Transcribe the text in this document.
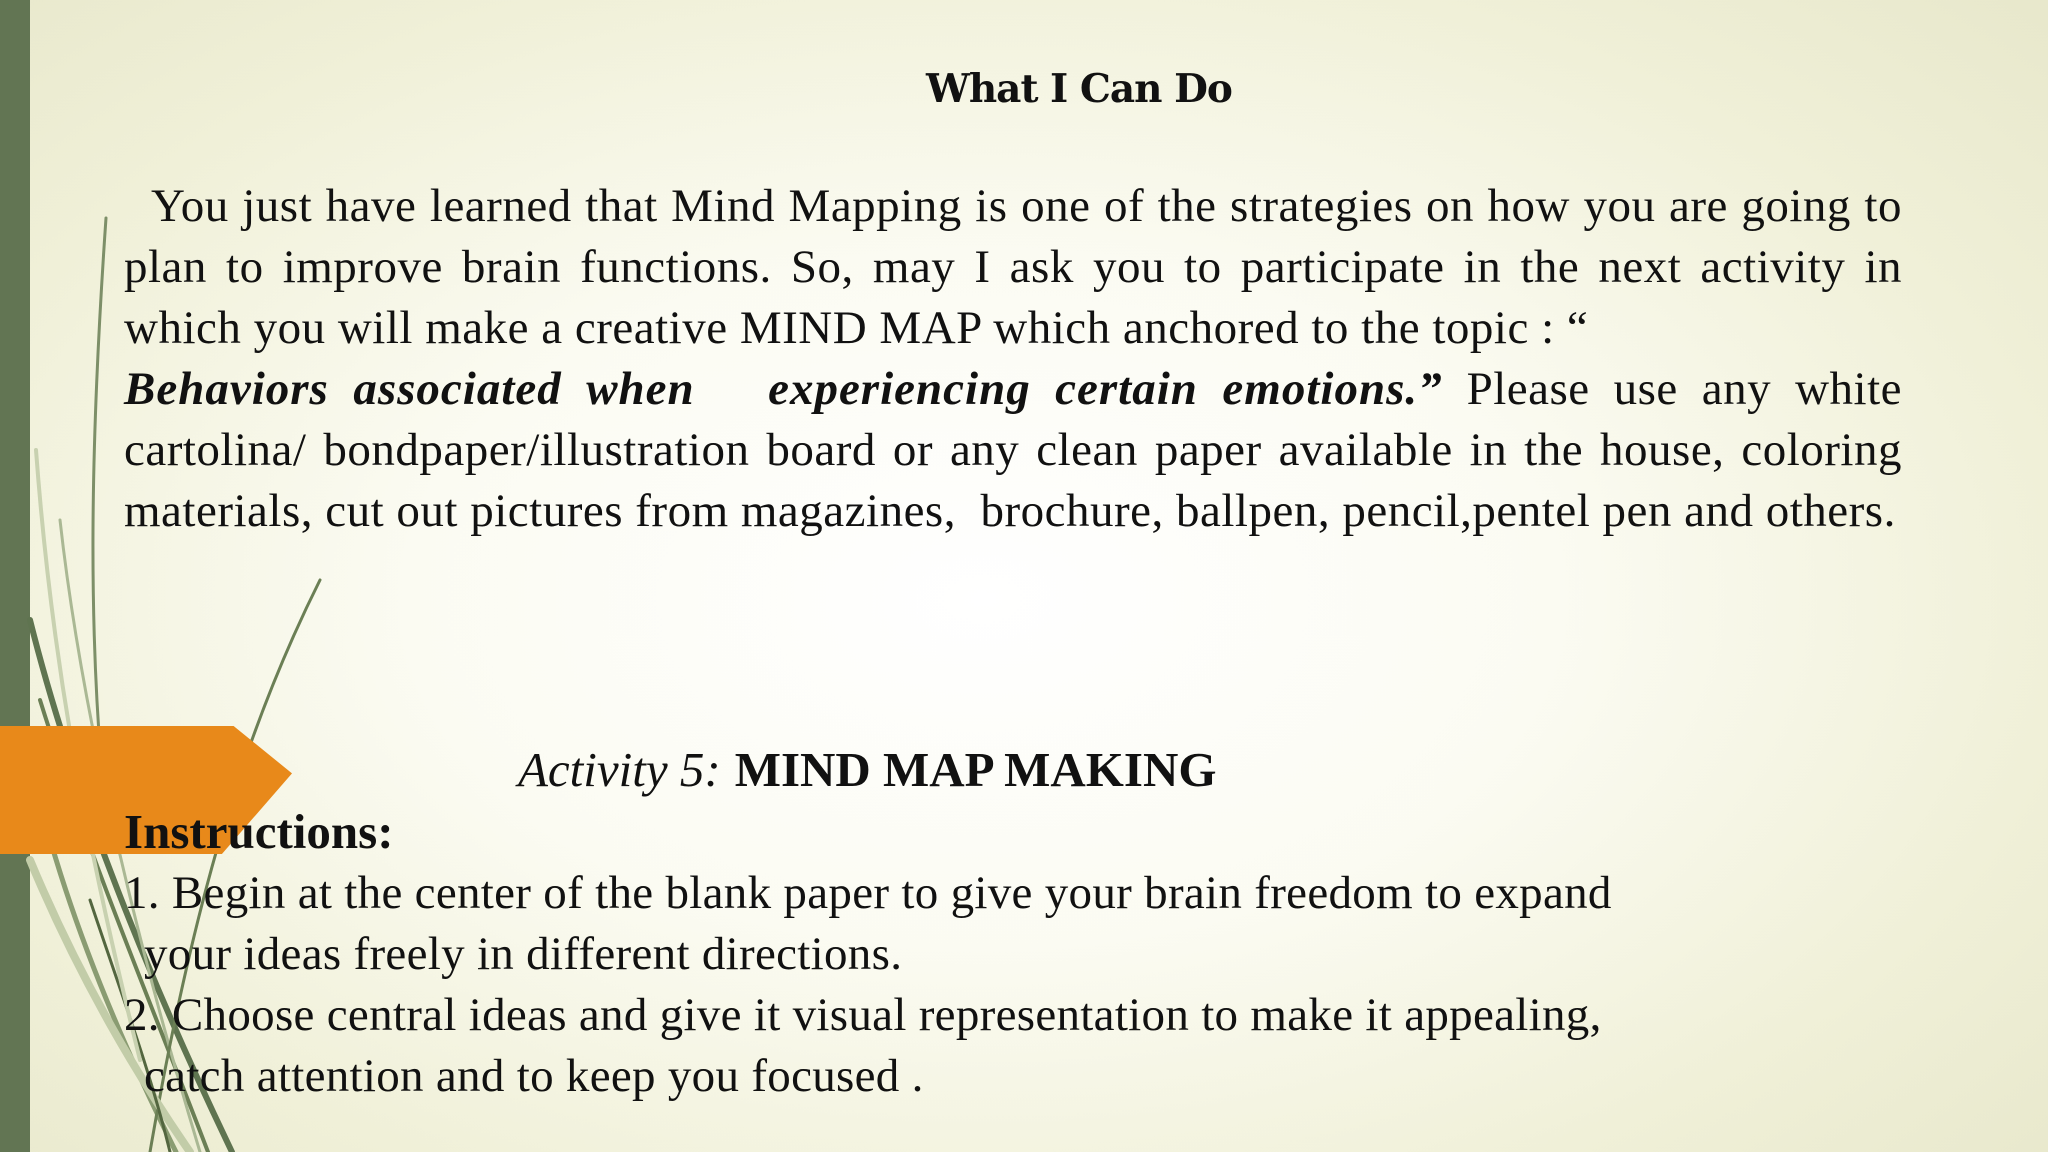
What I Can Do

You just have learned that Mind Mapping is one of the strategies on how you are going to plan to improve brain functions. So, may I ask you to participate in the next activity in which you will make a creative MIND MAP which anchored to the topic : “
Behaviors associated when   experiencing certain emotions.” Please use any white cartolina/ bondpaper/illustration board or any clean paper available in the house, coloring materials, cut out pictures from magazines,  brochure, ballpen, pencil,pentel pen and others.

Activity 5: MIND MAP MAKING

Instructions:

1. Begin at the center of the blank paper to give your brain freedom to expand
your ideas freely in different directions.
2. Choose central ideas and give it visual representation to make it appealing,
catch attention and to keep you focused .
